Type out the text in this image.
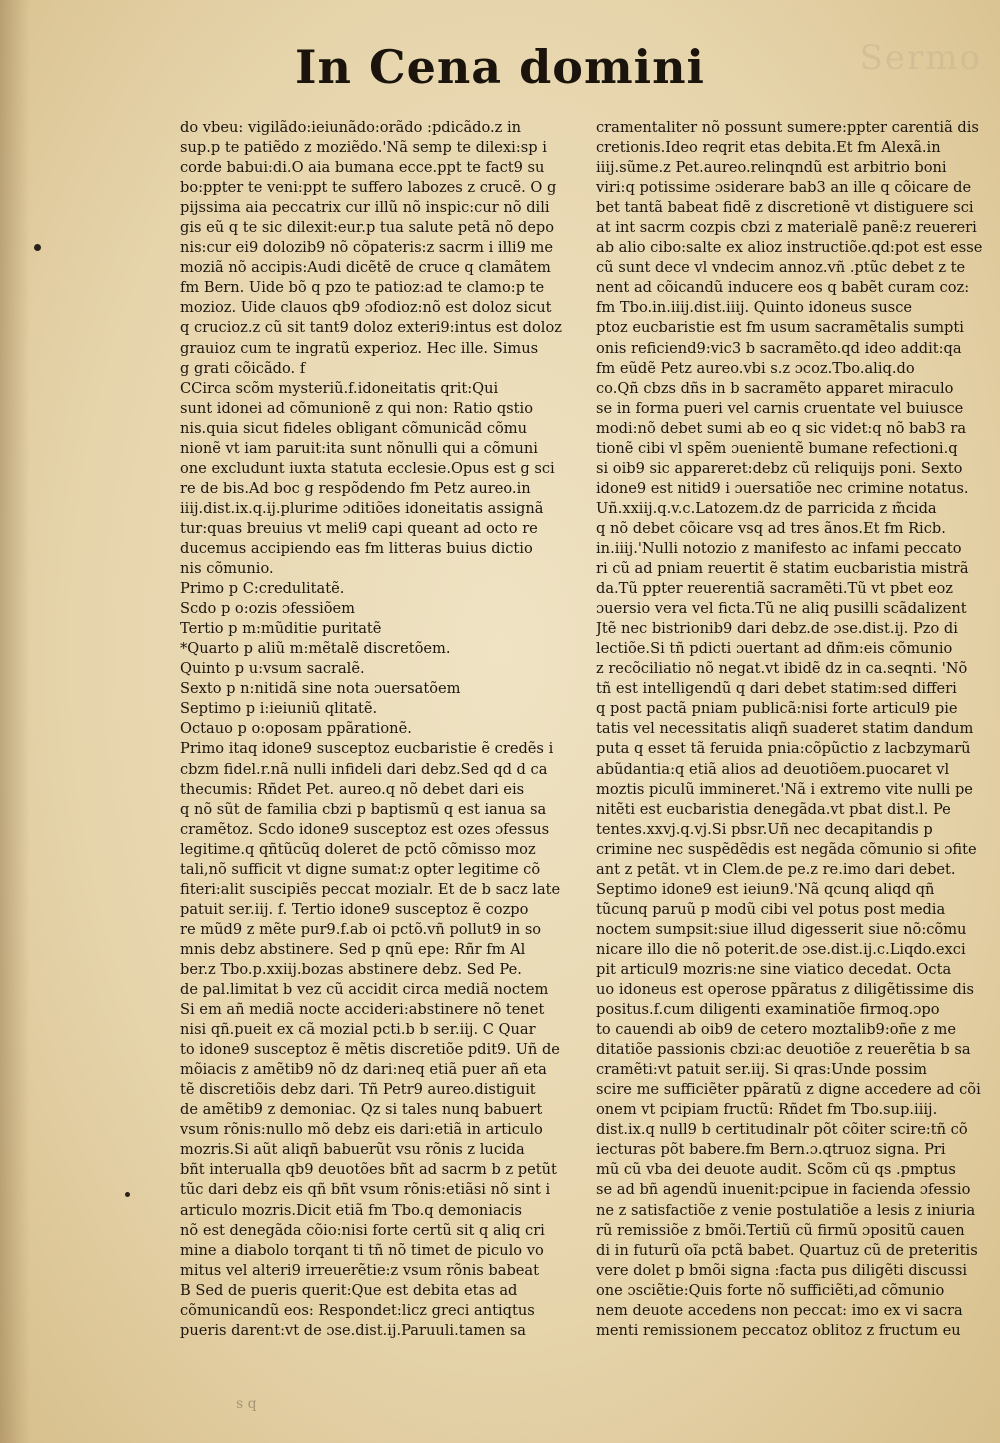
Sermo
In Cena domini
do vbeu: vigilãdo:ieiunãdo:orãdo :pdicãdo.z in
sup.p te patiẽdo z moziẽdo.'Nã semp te dilexi:sp i
corde babui:di.O aia bumana ecce.ppt te fact9 su
bo:ppter te veni:ppt te suffero labozes z crucẽ. O g
pijssima aia peccatrix cur illũ nõ inspic:cur nõ dili
gis eũ q te sic dilexit:eur.p tua salute petã nõ depo
nis:cur ei9 dolozib9 nõ cõpateris:z sacrm i illi9 me
moziã nõ accipis:Audi dicẽtẽ de cruce q clamãtem
fm Bern. Uide bõ q pzo te patioz:ad te clamo:p te
mozioz. Uide clauos qb9 ɔfodioz:nõ est doloz sicut
q crucioz.z cũ sit tant9 doloz exteri9:intus est doloz
grauioz cum te ingratũ experioz. Hec ille. Simus
g grati cõicãdo. f
CCirca scõm mysteriũ.f.idoneitatis qrit:Qui
sunt idonei ad cõmunionẽ z qui non: Ratio qstio
nis.quia sicut fideles obligant cõmunicãd cõmu
nionẽ vt iam paruit:ita sunt nõnulli qui a cõmuni
one excludunt iuxta statuta ecclesie.Opus est g sci
re de bis.Ad boc g respõdendo fm Petz aureo.in
iiij.dist.ix.q.ij.plurime ɔditiões idoneitatis assignã
tur:quas breuius vt meli9 capi queant ad octo re
ducemus accipiendo eas fm litteras buius dictio
nis cõmunio.
Primo p C:credulitatẽ.
Scdo p o:ozis ɔfessiõem
Tertio p m:mũditie puritatẽ
*Quarto p aliũ m:mẽtalẽ discretõem.
Quinto p u:vsum sacralẽ.
Sexto p n:nitidã sine nota ɔuersatõem
Septimo p i:ieiuniũ qlitatẽ.
Octauo p o:oposam ppãrationẽ.
Primo itaq idone9 susceptoz eucbaristie ẽ credẽs i
cbzm fidel.r.nã nulli infideli dari debz.Sed qd d ca
thecumis: Rñdet Pet. aureo.q nõ debet dari eis
q nõ sũt de familia cbzi p baptismũ q est ianua sa
cramẽtoz. Scdo idone9 susceptoz est ozes ɔfessus
legitime.q qñtũcũq doleret de pctõ cõmisso moz
tali,nõ sufficit vt digne sumat:z opter legitime cõ
fiteri:alit suscipiẽs peccat mozialr. Et de b sacz late
patuit ser.iij. f. Tertio idone9 susceptoz ẽ cozpo
re mũd9 z mẽte pur9.f.ab oi pctõ.vñ pollut9 in so
mnis debz abstinere. Sed p qnũ epe: Rñr fm Al
ber.z Tbo.p.xxiij.bozas abstinere debz. Sed Pe.
de pal.limitat b vez cũ accidit circa mediã noctem
Si em añ mediã nocte accideri:abstinere nõ tenet
nisi qñ.pueit ex cã mozial pcti.b b ser.iij. C Quar
to idone9 susceptoz ẽ mẽtis discretiõe pdit9. Uñ de
mõiacis z amẽtib9 nõ dz dari:neq etiã puer añ eta
tẽ discretiõis debz dari. Tñ Petr9 aureo.distiguit
de amẽtib9 z demoniac. Qz si tales nunq babuert
vsum rõnis:nullo mõ debz eis dari:etiã in articulo
mozris.Si aũt aliqñ babuerũt vsu rõnis z lucida
bñt interualla qb9 deuotões bñt ad sacrm b z petũt
tũc dari debz eis qñ bñt vsum rõnis:etiãsi nõ sint i
articulo mozris.Dicit etiã fm Tbo.q demoniacis
nõ est denegãda cõio:nisi forte certũ sit q aliq cri
mine a diabolo torqant ti tñ nõ timet de piculo vo
mitus vel alteri9 irreuerẽtie:z vsum rõnis babeat
B Sed de pueris querit:Que est debita etas ad
cõmunicandũ eos: Respondet:licz greci antiqtus
pueris darent:vt de ɔse.dist.ij.Paruuli.tamen sa
cramentaliter nõ possunt sumere:ppter carentiã dis
cretionis.Ideo reqrit etas debita.Et fm Alexã.in
iiij.sũme.z Pet.aureo.relinqndũ est arbitrio boni
viri:q potissime ɔsiderare bab3 an ille q cõicare de
bet tantã babeat fidẽ z discretionẽ vt distiguere sci
at int sacrm cozpis cbzi z materialẽ panẽ:z reuereri
ab alio cibo:salte ex alioz instructiõe.qd:pot est esse
cũ sunt dece vl vndecim annoz.vñ .ptũc debet z te
nent ad cõicandũ inducere eos q babẽt curam coz:
fm Tbo.in.iiij.dist.iiij. Quinto idoneus susce
ptoz eucbaristie est fm usum sacramẽtalis sumpti
onis reficiend9:vic3 b sacramẽto.qd ideo addit:qa
fm eũdẽ Petz aureo.vbi s.z ɔcoz.Tbo.aliq.do
co.Qñ cbzs dñs in b sacramẽto apparet miraculo
se in forma pueri vel carnis cruentate vel buiusce
modi:nõ debet sumi ab eo q sic videt:q nõ bab3 ra
tionẽ cibi vl spẽm ɔuenientẽ bumane refectioni.q
si oib9 sic appareret:debz cũ reliquijs poni. Sexto
idone9 est nitid9 i ɔuersatiõe nec crimine notatus.
Uñ.xxiij.q.v.c.Latozem.dz de parricida z m̃cida
q nõ debet cõicare vsq ad tres ãnos.Et fm Ricb.
in.iiij.'Nulli notozio z manifesto ac infami peccato
ri cũ ad pniam reuertit ẽ statim eucbaristia mistrã
da.Tũ ppter reuerentiã sacramẽti.Tũ vt pbet eoz
ɔuersio vera vel ficta.Tũ ne aliq pusilli scãdalizent
Jtẽ nec bistrionib9 dari debz.de ɔse.dist.ij. Pzo di
lectiõe.Si tñ pdicti ɔuertant ad dñm:eis cõmunio
z recõciliatio nõ negat.vt ibidẽ dz in ca.seqnti. 'Nõ
tñ est intelligendũ q dari debet statim:sed differi
q post pactã pniam publicã:nisi forte articul9 pie
tatis vel necessitatis aliqñ suaderet statim dandum
puta q esset tã feruida pnia:cõpũctio z lacbzymarũ
abũdantia:q etiã alios ad deuotiõem.puocaret vl
moztis piculũ immineret.'Nã i extremo vite nulli pe
nitẽti est eucbaristia denegãda.vt pbat dist.l. Pe
tentes.xxvj.q.vj.Si pbsr.Uñ nec decapitandis p
crimine nec suspẽdẽdis est negãda cõmunio si ɔfite
ant z petãt. vt in Clem.de pe.z re.imo dari debet.
Septimo idone9 est ieiun9.'Nã qcunq aliqd qñ
tũcunq paruũ p modũ cibi vel potus post media
noctem sumpsit:siue illud digesserit siue nõ:cõmu
nicare illo die nõ poterit.de ɔse.dist.ij.c.Liqdo.exci
pit articul9 mozris:ne sine viatico decedat. Octa
uo idoneus est operose ppãratus z diligẽtissime dis
positus.f.cum diligenti examinatiõe firmoq.ɔpo
to cauendi ab oib9 de cetero moztalib9:oñe z me
ditatiõe passionis cbzi:ac deuotiõe z reuerẽtia b sa
cramẽti:vt patuit ser.iij. Si qras:Unde possim
scire me sufficiẽter ppãratũ z digne accedere ad cõi
onem vt pcipiam fructũ: Rñdet fm Tbo.sup.iiij.
dist.ix.q null9 b certitudinalr põt cõiter scire:tñ cõ
iecturas põt babere.fm Bern.ɔ.qtruoz signa. Pri
mũ cũ vba dei deuote audit. Scõm cũ qs .pmptus
se ad bñ agendũ inuenit:pcipue in facienda ɔfessio
ne z satisfactiõe z venie postulatiõe a lesis z iniuria
rũ remissiõe z bmõi.Tertiũ cũ firmũ ɔpositũ cauen
di in futurũ oĩa pctã babet. Quartuz cũ de preteritis
vere dolet p bmõi signa :facta pus diligẽti discussi
one ɔsciẽtie:Quis forte nõ sufficiẽti,ad cõmunio
nem deuote accedens non peccat: imo ex vi sacra
menti remissionem peccatoz oblitoz z fructum eu
s q
